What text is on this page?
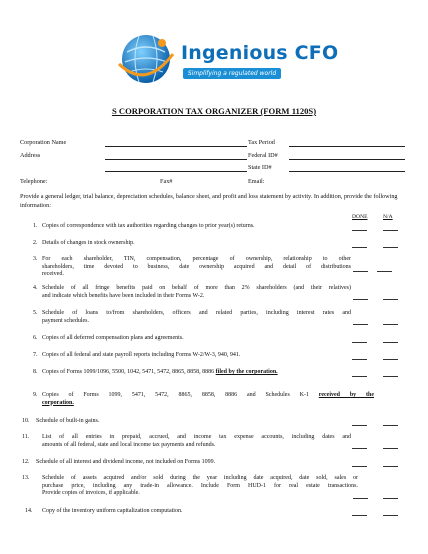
Ingenious CFO
Simplifying a regulated world
S CORPORATION TAX ORGANIZER (FORM 1120S)
Corporation Name	Tax Period
Address	Federal ID#
State ID#
Telephone:	Fax#	Email:
Provide a general ledger, trial balance, depreciation schedules, balance sheet, and profit and loss statement by activity. In addition, provide the following information:
DONE	N/A
1. Copies of correspondence with tax authorities regarding changes to prior year(s) returns.
2. Details of changes in stock ownership.
3. For each shareholder, TIN, compensation, percentage of ownership, relationship to other
shareholders, time devoted to business, date ownership acquired and detail of distributions
received.
4. Schedule of all fringe benefits paid on behalf of more than 2% shareholders (and their relatives)
and indicate which benefits have been included in their Forms W-2.
5. Schedule of loans to/from shareholders, officers and related parties, including interest rates and
payment schedules.
6. Copies of all deferred compensation plans and agreements.
7. Copies of all federal and state payroll reports including Forms W-2/W-3, 940, 941.
8. Copies of Forms 1099/1096, 5500, 1042, 5471, 5472, 8865, 8858, 8886 filed by the corporation.
9. Copies of Forms 1099, 5471, 5472, 8865, 8858, 8886 and Schedules K-1 received by the
corporation.
10. Schedule of built-in gains.
11. List of all entries in prepaid, accrued, and income tax expense accounts, including dates and
amounts of all federal, state and local income tax payments and refunds.
12. Schedule of all interest and dividend income, not included on Forms 1099.
13. Schedule of assets acquired and/or sold during the year including date acquired, date sold, sales or
purchase price, including any trade-in allowance. Include Form HUD-1 for real estate transactions.
Provide copies of invoices, if applicable.
14. Copy of the inventory uniform capitalization computation.
